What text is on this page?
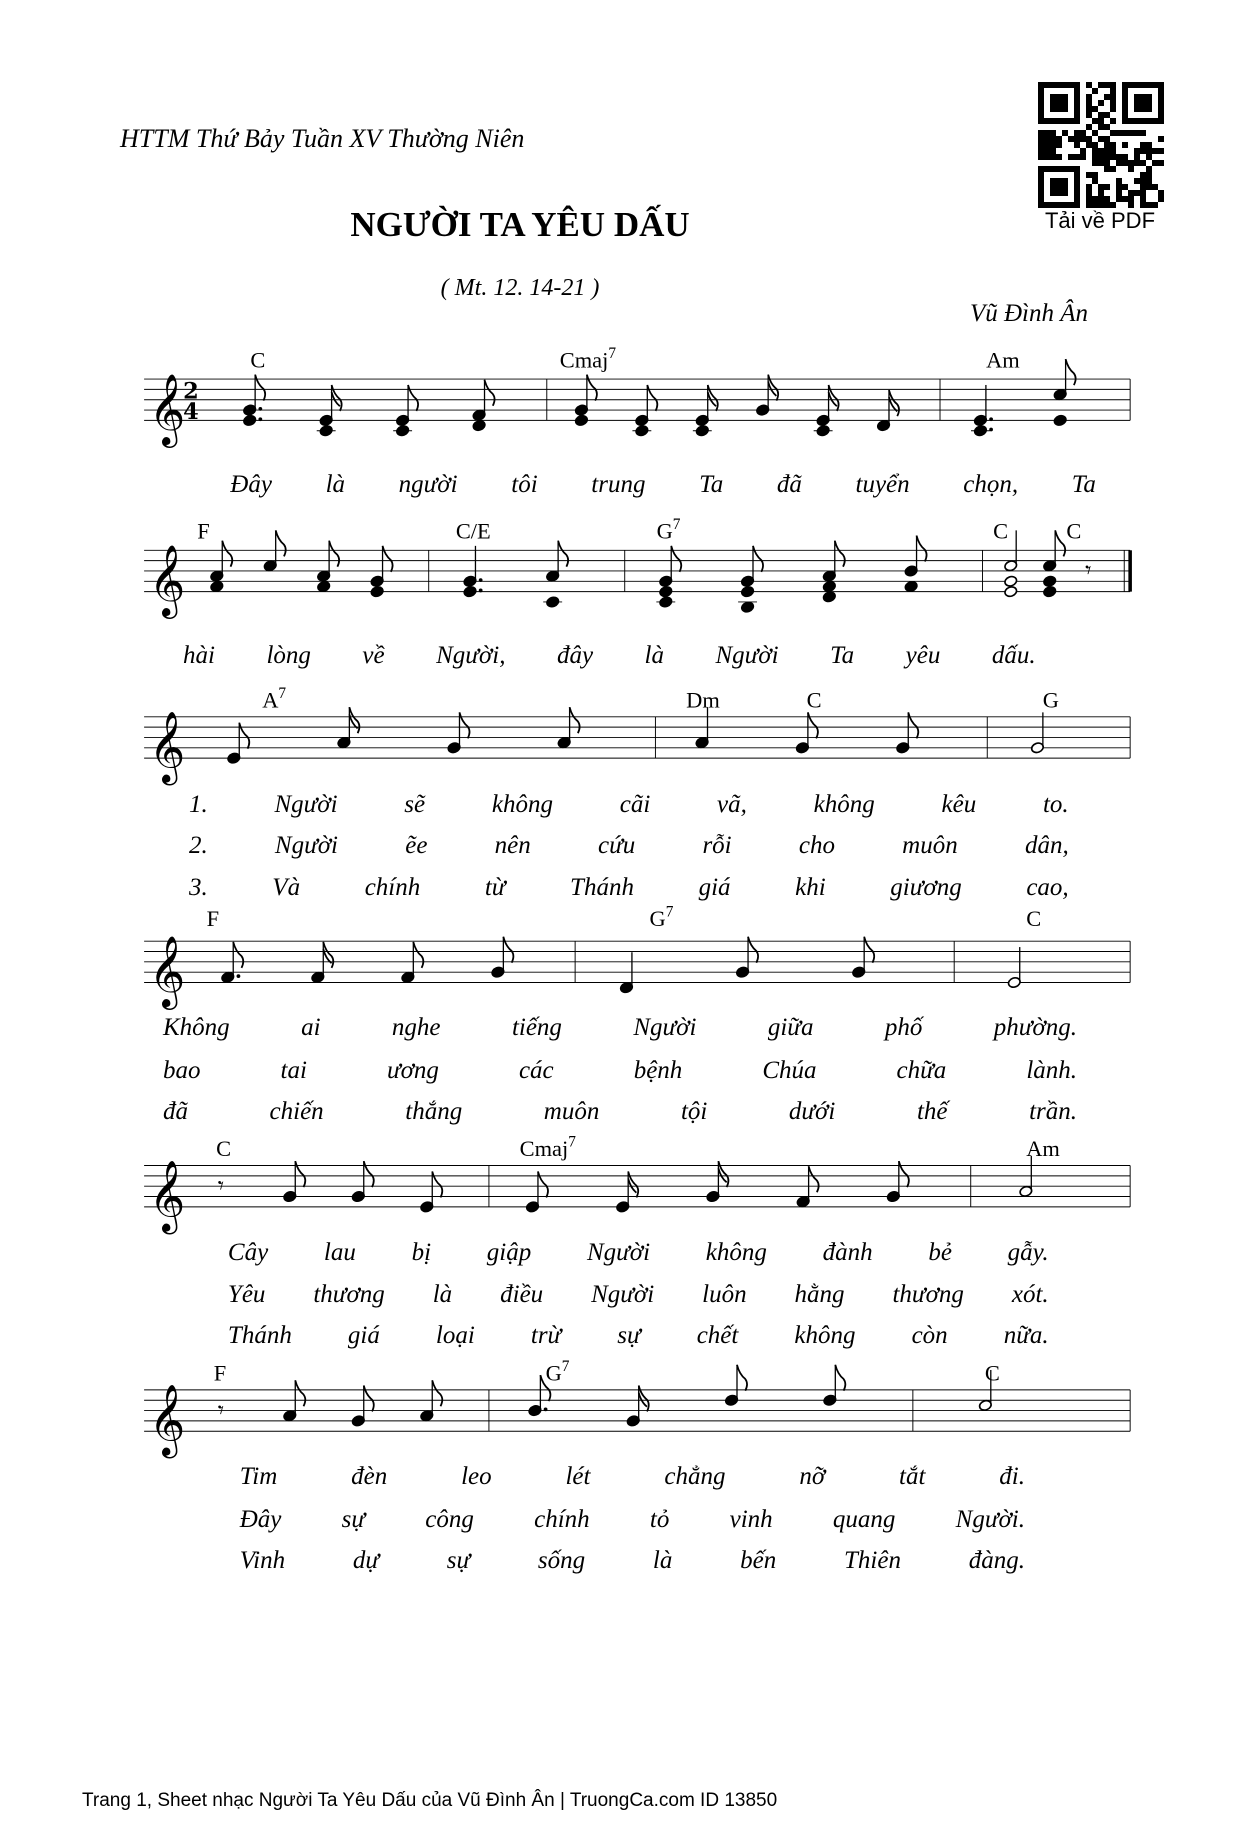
HTTM Thứ Bảy Tuần XV Thường Niên
NGƯỜI TA YÊU DẤU
( Mt. 12. 14-21 )
Vũ Đình Ân
Tải về PDF
𝄞
2
4
C	Cmaj$^7$	Am
𝄞
F	C/E	$G^7$	C	C
𝄾
𝄞
$A^7$	Dm	C	G
𝄞
F	$G^7$	C
𝄞
C	Cmaj$^7$	Am
𝄾
𝄞
F	$G^7$	C
𝄾
Đây là người tôi trung Ta đã tuyển chọn, Ta
hài lòng về Người, đây là Người Ta yêu dấu.
1.	Người	sẽ	không	cãi	vã,	không	kêu	to.
2.	Người	ẽe	nên	cứu	rỗi	cho	muôn	dân,
3.	Và	chính	từ	Thánh	giá	khi	giương	cao,
Không	ai	nghe	tiếng	Người	giữa	phố	phường.
bao	tai	ương	các	bệnh	Chúa	chữa	lành.
đã	chiến	thắng	muôn	tội	dưới	thế	trần.
Cây lau bị giập Người không đành bẻ gẫy.
Yêu thương là điều Người luôn hằng thương xót.
Thánh giá loại trừ sự chết không còn nữa.
Tim	đèn	leo	lét	chẳng	nỡ	tắt	đi.
Đây sự công chính tỏ vinh quang Người.
Vinh	dự	sự	sống	là	bến	Thiên	đàng.
Trang 1, Sheet nhạc Người Ta Yêu Dấu của Vũ Đình Ân | TruongCa.com ID 13850
